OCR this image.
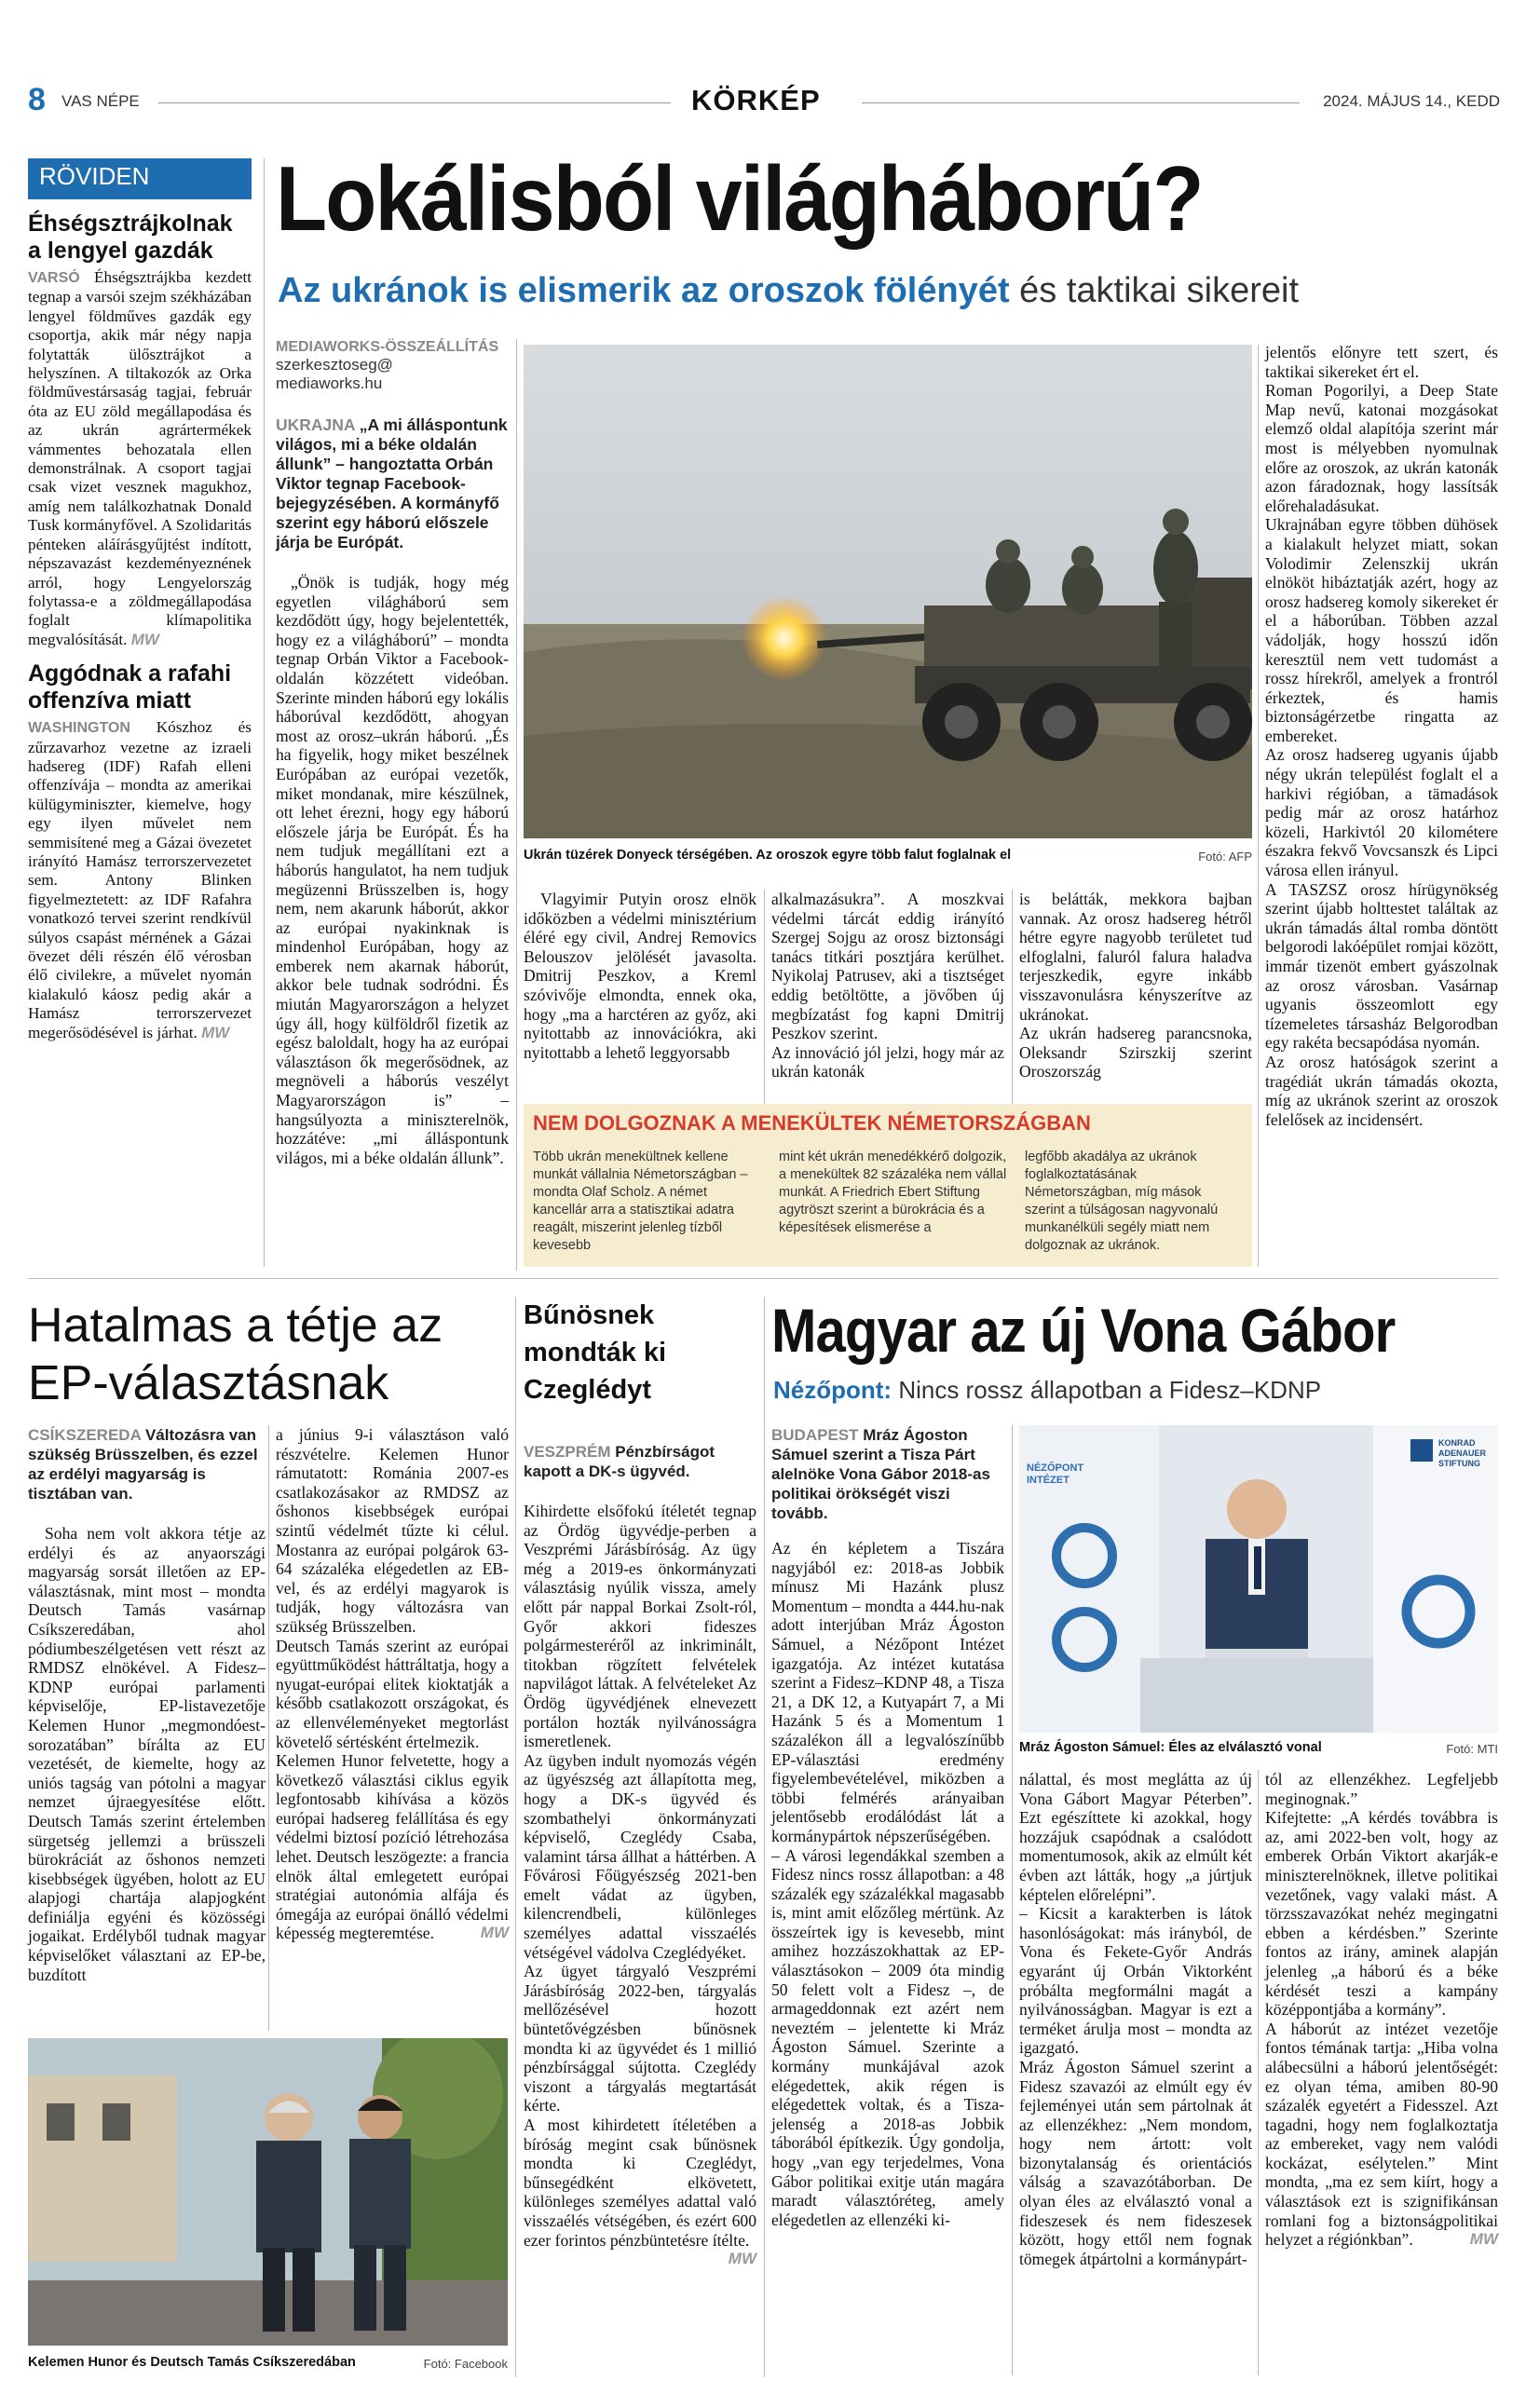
8 VAS NÉPE	KÖRKÉP	2024. MÁJUS 14., KEDD
RÖVIDEN
Éhségsztrájkolnak a lengyel gazdák
VARSÓ Éhségsztrájkba kezdett tegnap a varsói szejm székházában lengyel földműves gazdák egy csoportja, akik már négy napja folytatták ülősztrájkot a helyszínen. A tiltakozók az Orka földművestársaság tagjai, február óta az EU zöld megállapodása és az ukrán agrártermékek vámmentes behozatala ellen demonstrálnak. A csoport tagjai csak vizet vesznek magukhoz, amíg nem találkozhatnak Donald Tusk kormányfővel. A Szolidaritás pénteken aláírásgyűjtést indított, népszavazást kezdeményeznének arról, hogy Lengyelország folytassa-e a zöldmegállapodása foglalt klímapolitika megvalósítását. MW
Aggódnak a rafahi offenzíva miatt
WASHINGTON Kószhoz és zűrzavarhoz vezetne az izraeli hadsereg (IDF) Rafah elleni offenzívája – mondta az amerikai külügyminiszter, kiemelve, hogy egy ilyen művelet nem semmisítené meg a Gázai övezetet irányító Hamász terrorszervezetet sem. Antony Blinken figyelmeztetett: az IDF Rafahra vonatkozó tervei szerint rendkívül súlyos csapást mérnének a Gázai övezet déli részén élő vérosban élő civilekre, a művelet nyomán kialakuló káosz pedig akár a Hamász terrorszervezet megerősödésével is járhat. MW
Lokálisból világháború?
Az ukránok is elismerik az oroszok fölényét és taktikai sikereit
MEDIAWORKS-ÖSSZEÁLLÍTÁS
szerkesztoseg@
mediaworks.hu
UKRAJNA „A mi álláspontunk világos, mi a béke oldalán állunk” – hangoztatta Orbán Viktor tegnap Facebook-bejegyzésében. A kormányfő szerint egy háború előszele járja be Európát.
„Önök is tudják, hogy még egyetlen világháború sem kezdődött úgy, hogy bejelentették, hogy ez a világháború” – mondta tegnap Orbán Viktor a Facebook-oldalán közzétett videóban. Szerinte minden háború egy lokális háborúval kezdődött, ahogyan most az orosz–ukrán háború. „És ha figyelik, hogy miket beszélnek Európában az európai vezetők, miket mondanak, mire készülnek, ott lehet érezni, hogy egy háború előszele járja be Európát. És ha nem tudjuk megállítani ezt a háborús hangulatot, ha nem tudjuk megüzenni Brüsszelben is, hogy nem, nem akarunk háborút, akkor az európai nyakinknak is mindenhol Európában, hogy az emberek nem akarnak háborút, akkor bele tudnak sodródni. És miután Magyarországon a helyzet úgy áll, hogy külföldről fizetik az egész baloldalt, hogy ha az európai választáson ők megerősödnek, az megnöveli a háborús veszélyt Magyarországon is” – hangsúlyozta a miniszterelnök, hozzátéve: „mi álláspontunk világos, mi a béke oldalán állunk”.
Ukrán tüzérek Donyeck térségében. Az oroszok egyre több falut foglalnak el	Fotó: AFP
jelentős előnyre tett szert, és taktikai sikereket ért el.
Roman Pogorilyi, a Deep State Map nevű, katonai mozgásokat elemző oldal alapítója szerint már most is mélyebben nyomulnak előre az oroszok, az ukrán katonák azon fáradoznak, hogy lassítsák előrehaladásukat.
Ukrajnában egyre többen dühösek a kialakult helyzet miatt, sokan Volodimir Zelenszkij ukrán elnököt hibáztatják azért, hogy az orosz hadsereg komoly sikereket ér el a háborúban. Többen azzal vádolják, hogy hosszú időn keresztül nem vett tudomást a rossz hírekről, amelyek a frontról érkeztek, és hamis biztonságérzetbe ringatta az embereket.
Az orosz hadsereg ugyanis újabb négy ukrán települést foglalt el a harkivi régióban, a tämadások pedig már az orosz határhoz közeli, Harkivtól 20 kilométere északra fekvő Vovcsanszk és Lipci városa ellen irányul.
A TASZSZ orosz hírügynökség szerint újabb holttestet találtak az ukrán támadás által romba döntött belgorodi lakóépület romjai között, immár tizenöt embert gyászolnak az orosz városban. Vasárnap ugyanis összeomlott egy tízemeletes társasház Belgorodban egy rakéta becsapódása nyomán.
Az orosz hatóságok szerint a tragédiát ukrán támadás okozta, míg az ukránok szerint az oroszok felelősek az incidensért.
Vlagyimir Putyin orosz elnök időközben a védelmi minisztérium éléré egy civil, Andrej Removics Belouszov jelölését javasolta. Dmitrij Peszkov, a Kreml szóvivője elmondta, ennek oka, hogy „ma a harctéren az győz, aki nyitottabb az innovációkra, aki nyitottabb a lehető leggyorsabb
alkalmazásukra”. A moszkvai védelmi tárcát eddig irányító Szergej Sojgu az orosz biztonsági tanács titkári posztjára kerülhet. Nyikolaj Patrusev, aki a tisztséget eddig betöltötte, a jövőben új megbízatást fog kapni Dmitrij Peszkov szerint.
Az innováció jól jelzi, hogy már az ukrán katonák
is belátták, mekkora bajban vannak. Az orosz hadsereg hétről hétre egyre nagyobb területet tud elfoglalni, faluról falura haladva terjeszkedik, egyre inkább visszavonulásra kényszerítve az ukránokat.
Az ukrán hadsereg parancsnoka, Oleksandr Szirszkij szerint Oroszország
NEM DOLGOZNAK A MENEKÜLTEK NÉMETORSZÁGBAN
Több ukrán menekültnek kellene munkát vállalnia Németországban – mondta Olaf Scholz. A német kancellár arra a statisztikai adatra reagált, miszerint jelenleg tízből kevesebb
mint két ukrán menedékkérő dolgozik, a menekültek 82 százaléka nem vállal munkát. A Friedrich Ebert Stiftung agytröszt szerint a bürokrácia és a képesítések elismerése a
legfőbb akadálya az ukránok foglalkoztatásának Németországban, míg mások szerint a túlságosan nagyvonalú munkanélküli segély miatt nem dolgoznak az ukránok.
Hatalmas a tétje az EP-választásnak
CSÍKSZEREDA Változásra van szükség Brüsszelben, és ezzel az erdélyi magyarság is tisztában van.
Soha nem volt akkora tétje az erdélyi és az anyaországi magyarság sorsát illetően az EP-választásnak, mint most – mondta Deutsch Tamás vasárnap Csíkszeredában, ahol pódiumbeszélgetésen vett részt az RMDSZ elnökével. A Fidesz–KDNP európai parlamenti képviselője, EP-listavezetője Kelemen Hunor „megmondóest-sorozatában” bírálta az EU vezetését, de kiemelte, hogy az uniós tagság van pótolni a magyar nemzet újraegyesítése előtt. Deutsch Tamás szerint értelemben sürgetség jellemzi a brüsszeli bürokráciát az őshonos nemzeti kisebbségek ügyében, holott az EU alapjogi chartája alapjogként definiálja egyéni és közösségi jogaikat. Erdélyből tudnak magyar képviselőket választani az EP-be, buzdított
a június 9-i választáson való részvételre. Kelemen Hunor rámutatott: Románia 2007-es csatlakozásakor az RMDSZ az őshonos kisebbségek európai szintű védelmét tűzte ki célul. Mostanra az európai polgárok 63-64 százaléka elégedetlen az EB-vel, és az erdélyi magyarok is tudják, hogy változásra van szükség Brüsszelben.
Deutsch Tamás szerint az európai együttműködést háttráltatja, hogy a nyugat-európai elitek kioktatják a később csatlakozott országokat, és az ellenvéleményeket megtorlást követelő sértésként értelmezik.
Kelemen Hunor felvetette, hogy a következő választási ciklus egyik legfontosabb kihívása a közös európai hadsereg felállítása és egy védelmi biztosí pozíció létrehozása lehet. Deutsch leszögezte: a francia elnök által emlegetett európai stratégiai autonómia alfája és ómegája az európai önálló védelmi képesség megteremtése.	MW
Kelemen Hunor és Deutsch Tamás Csíkszeredában	Fotó: Facebook
Bűnösnek mondták ki Czeglédyt
VESZPRÉM Pénzbírságot kapott a DK-s ügyvéd.
Kihirdette elsőfokú ítéletét tegnap az Ördög ügyvédje-perben a Veszprémi Járásbíróság. Az ügy még a 2019-es önkormányzati választásig nyúlik vissza, amely előtt pár nappal Borkai Zsolt-ról, Győr akkori fideszes polgármesteréről az inkriminált, titokban rögzített felvételek napvilágot láttak. A felvételeket Az Ördög ügyvédjének elnevezett portálon hozták nyilvánosságra ismeretlenek.
Az ügyben indult nyomozás végén az ügyészség azt állapította meg, hogy a DK-s ügyvéd és szombathelyi önkormányzati képviselő, Czeglédy Csaba, valamint társa állhat a háttérben. A Fővárosi Főügyészség 2021-ben emelt vádat az ügyben, kilencrendbeli, különleges személyes adattal visszaélés vétségével vádolva Czeglédyéket.
Az ügyet tárgyaló Veszprémi Járásbíróság 2022-ben, tárgyalás mellőzésével hozott büntetővégzésben bűnösnek mondta ki az ügyvédet és 1 millió pénzbírsággal sújtotta. Czeglédy viszont a tárgyalás megtartását kérte.
A most kihirdetett ítéletében a bíróság megint csak bűnösnek mondta ki Czeglédyt, bűnsegédként elkövetett, különleges személyes adattal való visszaélés vétségében, és ezért 600 ezer forintos pénzbüntetésre ítélte.
MW
Magyar az új Vona Gábor
Nézőpont: Nincs rossz állapotban a Fidesz–KDNP
BUDAPEST Mráz Ágoston Sámuel szerint a Tisza Párt alelnöke Vona Gábor 2018-as politikai örökségét viszi tovább.
NÉZŐPONT
INTÉZET
KONRAD ADENAUER STIFTUNG
Mráz Ágoston Sámuel: Éles az elválasztó vonal	Fotó: MTI
Az én képletem a Tiszára nagyjából ez: 2018-as Jobbik mínusz Mi Hazánk plusz Momentum – mondta a 444.hu-nak adott interjúban Mráz Ágoston Sámuel, a Nézőpont Intézet igazgatója. Az intézet kutatása szerint a Fidesz–KDNP 48, a Tisza 21, a DK 12, a Kutyapárt 7, a Mi Hazánk 5 és a Momentum 1 százalékon áll a legvalószínűbb EP-választási eredmény figyelembevételével, miközben a többi felmérés arányaiban jelentősebb erodálódást lát a kormánypártok népszerűségében.
– A városi legendákkal szemben a Fidesz nincs rossz állapotban: a 48 százalék egy százalékkal magasabb is, mint amit előzőleg mértünk. Az összeírtek igy is kevesebb, mint amihez hozzászokhattak az EP-választásokon – 2009 óta mindig 50 felett volt a Fidesz –, de armageddonnak ezt azért nem neveztém – jelentette ki Mráz Ágoston Sámuel. Szerinte a kormány munkájával azok elégedettek, akik régen is elégedettek voltak, és a Tisza-jelenség a 2018-as Jobbik táborából építkezik. Úgy gondolja, hogy „van egy terjedelmes, Vona Gábor politikai exitje után magára maradt választóréteg, amely elégedetlen az ellenzéki ki-
nálattal, és most meglátta az új Vona Gábort Magyar Péterben”. Ezt egészíttete ki azokkal, hogy hozzájuk csapódnak a csalódott momentumosok, akik az elmúlt két évben azt látták, hogy „a júrtjuk képtelen előrelépni”.
– Kicsit a karakterben is látok hasonlóságokat: más irányból, de Vona és Fekete-Győr András egyaránt új Orbán Viktorként próbálta megformálni magát a nyilvánosságban. Magyar is ezt a terméket árulja most – mondta az igazgató.
Mráz Ágoston Sámuel szerint a Fidesz szavazói az elmúlt egy év fejleményei után sem pártolnak át az ellenzékhez: „Nem mondom, hogy nem ártott: volt bizonytalanság és orientációs válság a szavazótáborban. De olyan éles az elválasztó vonal a fideszesek és nem fideszesek között, hogy ettől nem fognak tömegek átpártolni a kormánypárt-
tól az ellenzékhez. Legfeljebb meginognak.”
Kifejtette: „A kérdés továbbra is az, ami 2022-ben volt, hogy az emberek Orbán Viktort akarják-e miniszterelnöknek, illetve politikai vezetőnek, vagy valaki mást. A törzsszavazókat nehéz megingatni ebben a kérdésben.” Szerinte fontos az irány, aminek alapján jelenleg „a háború és a béke kérdését teszi a kampány középpontjába a kormány”.
A háborút az intézet vezetője fontos témának tartja: „Hiba volna alábecsülni a háború jelentőségét: ez olyan téma, amiben 80-90 százalék egyetért a Fidesszel. Azt tagadni, hogy nem foglalkoztatja az embereket, vagy nem valódi kockázat, esélytelen.” Mint mondta, „ma ez sem kiírt, hogy a választások ezt is szignifikánsan romlani fog a biztonságpolitikai helyzet a régiónkban”.	MW
